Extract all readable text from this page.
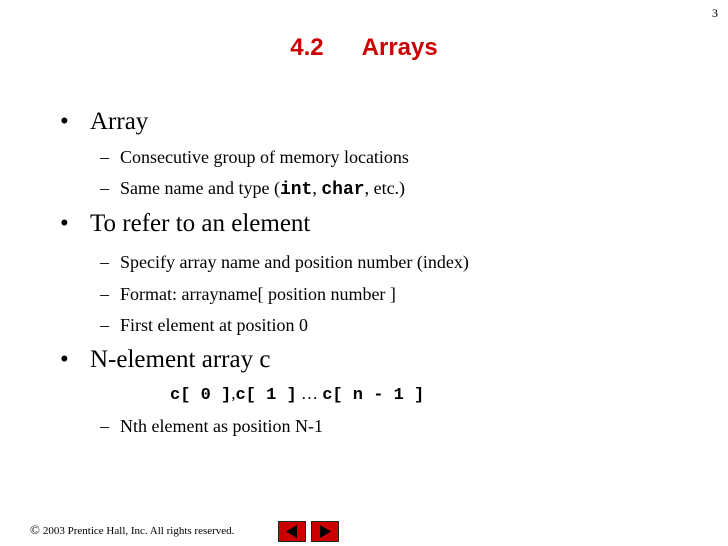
3
4.2 Arrays
• Array
– Consecutive group of memory locations
– Same name and type (int, char, etc.)
• To refer to an element
– Specify array name and position number (index)
– Format: arrayname[ position number ]
– First element at position 0
• N-element array c
c[ 0 ],c[ 1 ] … c[ n - 1 ]
– Nth element as position N-1
© 2003 Prentice Hall, Inc. All rights reserved.
